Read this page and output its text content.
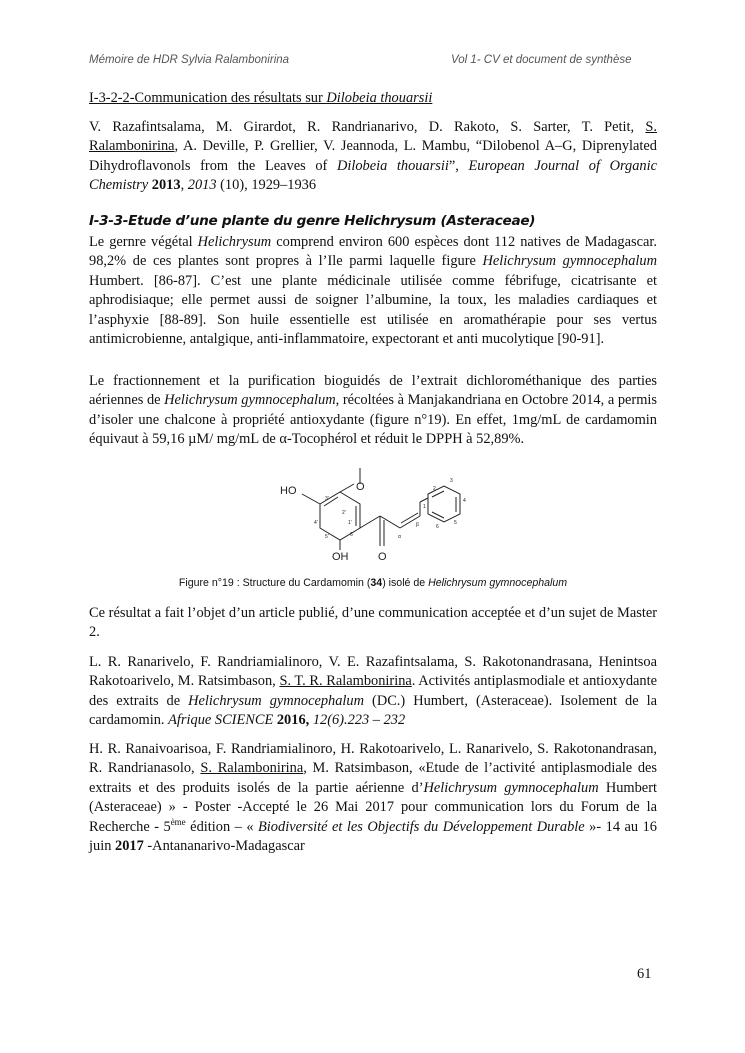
Mémoire de HDR Sylvia Ralambonirina	Vol 1- CV et document de synthèse

I-3-2-2-Communication des résultats sur Dilobeia thouarsii

V. Razafintsalama, M. Girardot, R. Randrianarivo, D. Rakoto, S. Sarter, T. Petit, S. Ralambonirina, A. Deville, P. Grellier, V. Jeannoda, L. Mambu, “Dilobenol A–G, Diprenylated Dihydroflavonols from the Leaves of Dilobeia thouarsii”, European Journal of Organic Chemistry 2013, 2013 (10), 1929–1936

I-3-3-Etude d’une plante du genre Helichrysum (Asteraceae)

Le gernre végétal Helichrysum comprend environ 600 espèces dont 112 natives de Madagascar. 98,2% de ces plantes sont propres à l’Ile parmi laquelle figure Helichrysum gymnocephalum Humbert. [86-87]. C’est une plante médicinale utilisée comme fébrifuge, cicatrisante et aphrodisiaque; elle permet aussi de soigner l’albumine, la toux, les maladies cardiaques et l’asphyxie [88-89]. Son huile essentielle est utilisée en aromathérapie pour ses vertus antimicrobienne, antalgique, anti-inflammatoire, expectorant et anti mucolytique [90-91].

Le fractionnement et la purification bioguidés de l’extrait dichlorométhanique des parties aériennes de Helichrysum gymnocephalum, récoltées à Manjakandriana en Octobre 2014, a permis d’isoler une chalcone à propriété antioxydante (figure n°19). En effet, 1mg/mL de cardamomin équivaut à 59,16 µM/ mg/mL de α-Tocophérol et réduit le DPPH à 52,89%.

HO	O
OH	O
2'
3'
4'
5'	6'
1'	β
α
1
2
3
4
5
6
Figure n°19 : Structure du Cardamomin (34) isolé de Helichrysum gymnocephalum

Ce résultat a fait l’objet d’un article publié, d’une communication acceptée et d’un sujet de Master 2.

L. R. Ranarivelo, F. Randriamialinoro, V. E. Razafintsalama, S. Rakotonandrasana, Henintsoa Rakotoarivelo, M. Ratsimbason, S. T. R. Ralambonirina. Activités antiplasmodiale et antioxydante des extraits de Helichrysum gymnocephalum (DC.) Humbert, (Asteraceae). Isolement de la cardamomin. Afrique SCIENCE 2016, 12(6).223 – 232

H. R. Ranaivoarisoa, F. Randriamialinoro, H. Rakotoarivelo, L. Ranarivelo, S. Rakotonandrasan, R. Randrianasolo, S. Ralambonirina, M. Ratsimbason, «Etude de l’activité antiplasmodiale des extraits et des produits isolés de la partie aérienne d’Helichrysum gymnocephalum Humbert (Asteraceae) » - Poster -Accepté le 26 Mai 2017 pour communication lors du Forum de la Recherche - 5ème édition – « Biodiversité et les Objectifs du Développement Durable »- 14 au 16 juin 2017 -Antananarivo-Madagascar

61
